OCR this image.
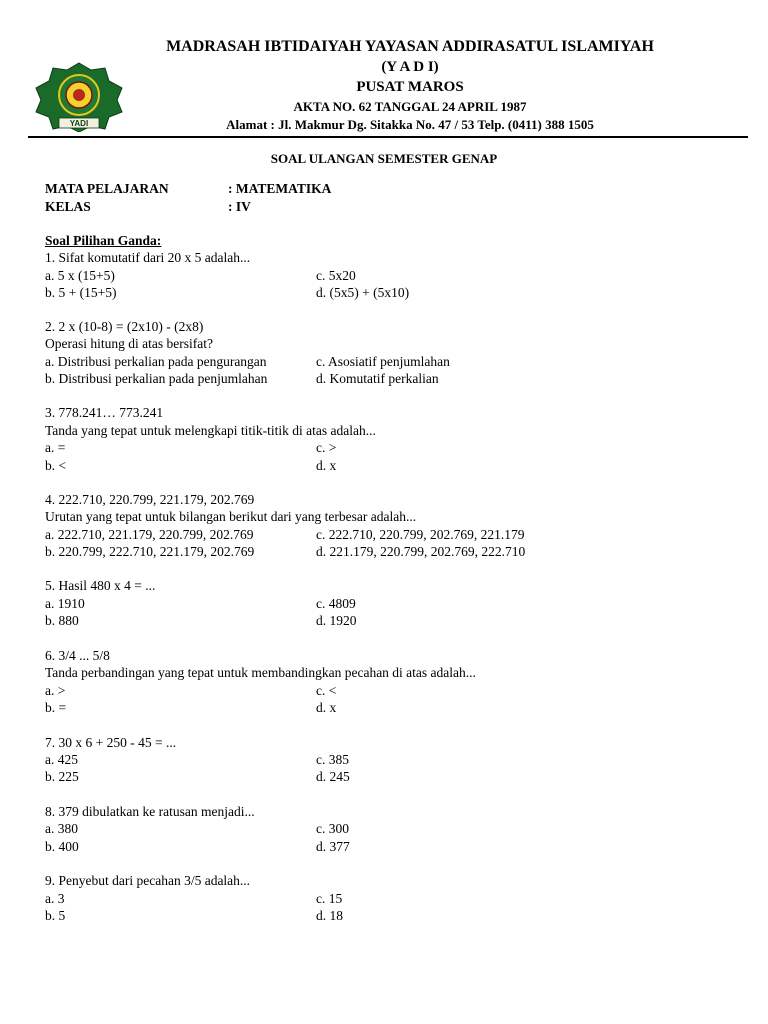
YADI
MADRASAH IBTIDAIYAH YAYASAN ADDIRASATUL ISLAMIYAH
(Y A D I)
PUSAT MAROS
AKTA NO. 62 TANGGAL 24 APRIL 1987
Alamat : Jl. Makmur Dg. Sitakka No. 47 / 53 Telp. (0411) 388 1505
SOAL ULANGAN SEMESTER GENAP
MATA PELAJARAN	: MATEMATIKA
KELAS	: IV
Soal Pilihan Ganda:
1. Sifat komutatif dari 20 x 5 adalah...
a. 5 x (15+5)	c. 5x20
b. 5 + (15+5)	d. (5x5) + (5x10)
2. 2 x (10-8) = (2x10) - (2x8)
Operasi hitung di atas bersifat?
a. Distribusi perkalian pada pengurangan	c. Asosiatif penjumlahan
b. Distribusi perkalian pada penjumlahan	d. Komutatif perkalian
3. 778.241… 773.241
Tanda yang tepat untuk melengkapi titik-titik di atas adalah...
a. =	c. >
b. <	d. x
4. 222.710, 220.799, 221.179, 202.769
Urutan yang tepat untuk bilangan berikut dari yang terbesar adalah...
a. 222.710, 221.179, 220.799, 202.769	c. 222.710, 220.799, 202.769, 221.179
b. 220.799, 222.710, 221.179, 202.769	d. 221.179, 220.799, 202.769, 222.710
5. Hasil 480 x 4 = ...
a. 1910	c. 4809
b. 880	d. 1920
6. 3/4 ... 5/8
Tanda perbandingan yang tepat untuk membandingkan pecahan di atas adalah...
a. >	c. <
b. =	d. x
7. 30 x 6 + 250 - 45 = ...
a. 425	c. 385
b. 225	d. 245
8. 379 dibulatkan ke ratusan menjadi...
a. 380	c. 300
b. 400	d. 377
9. Penyebut dari pecahan 3/5 adalah...
a. 3	c. 15
b. 5	d. 18
